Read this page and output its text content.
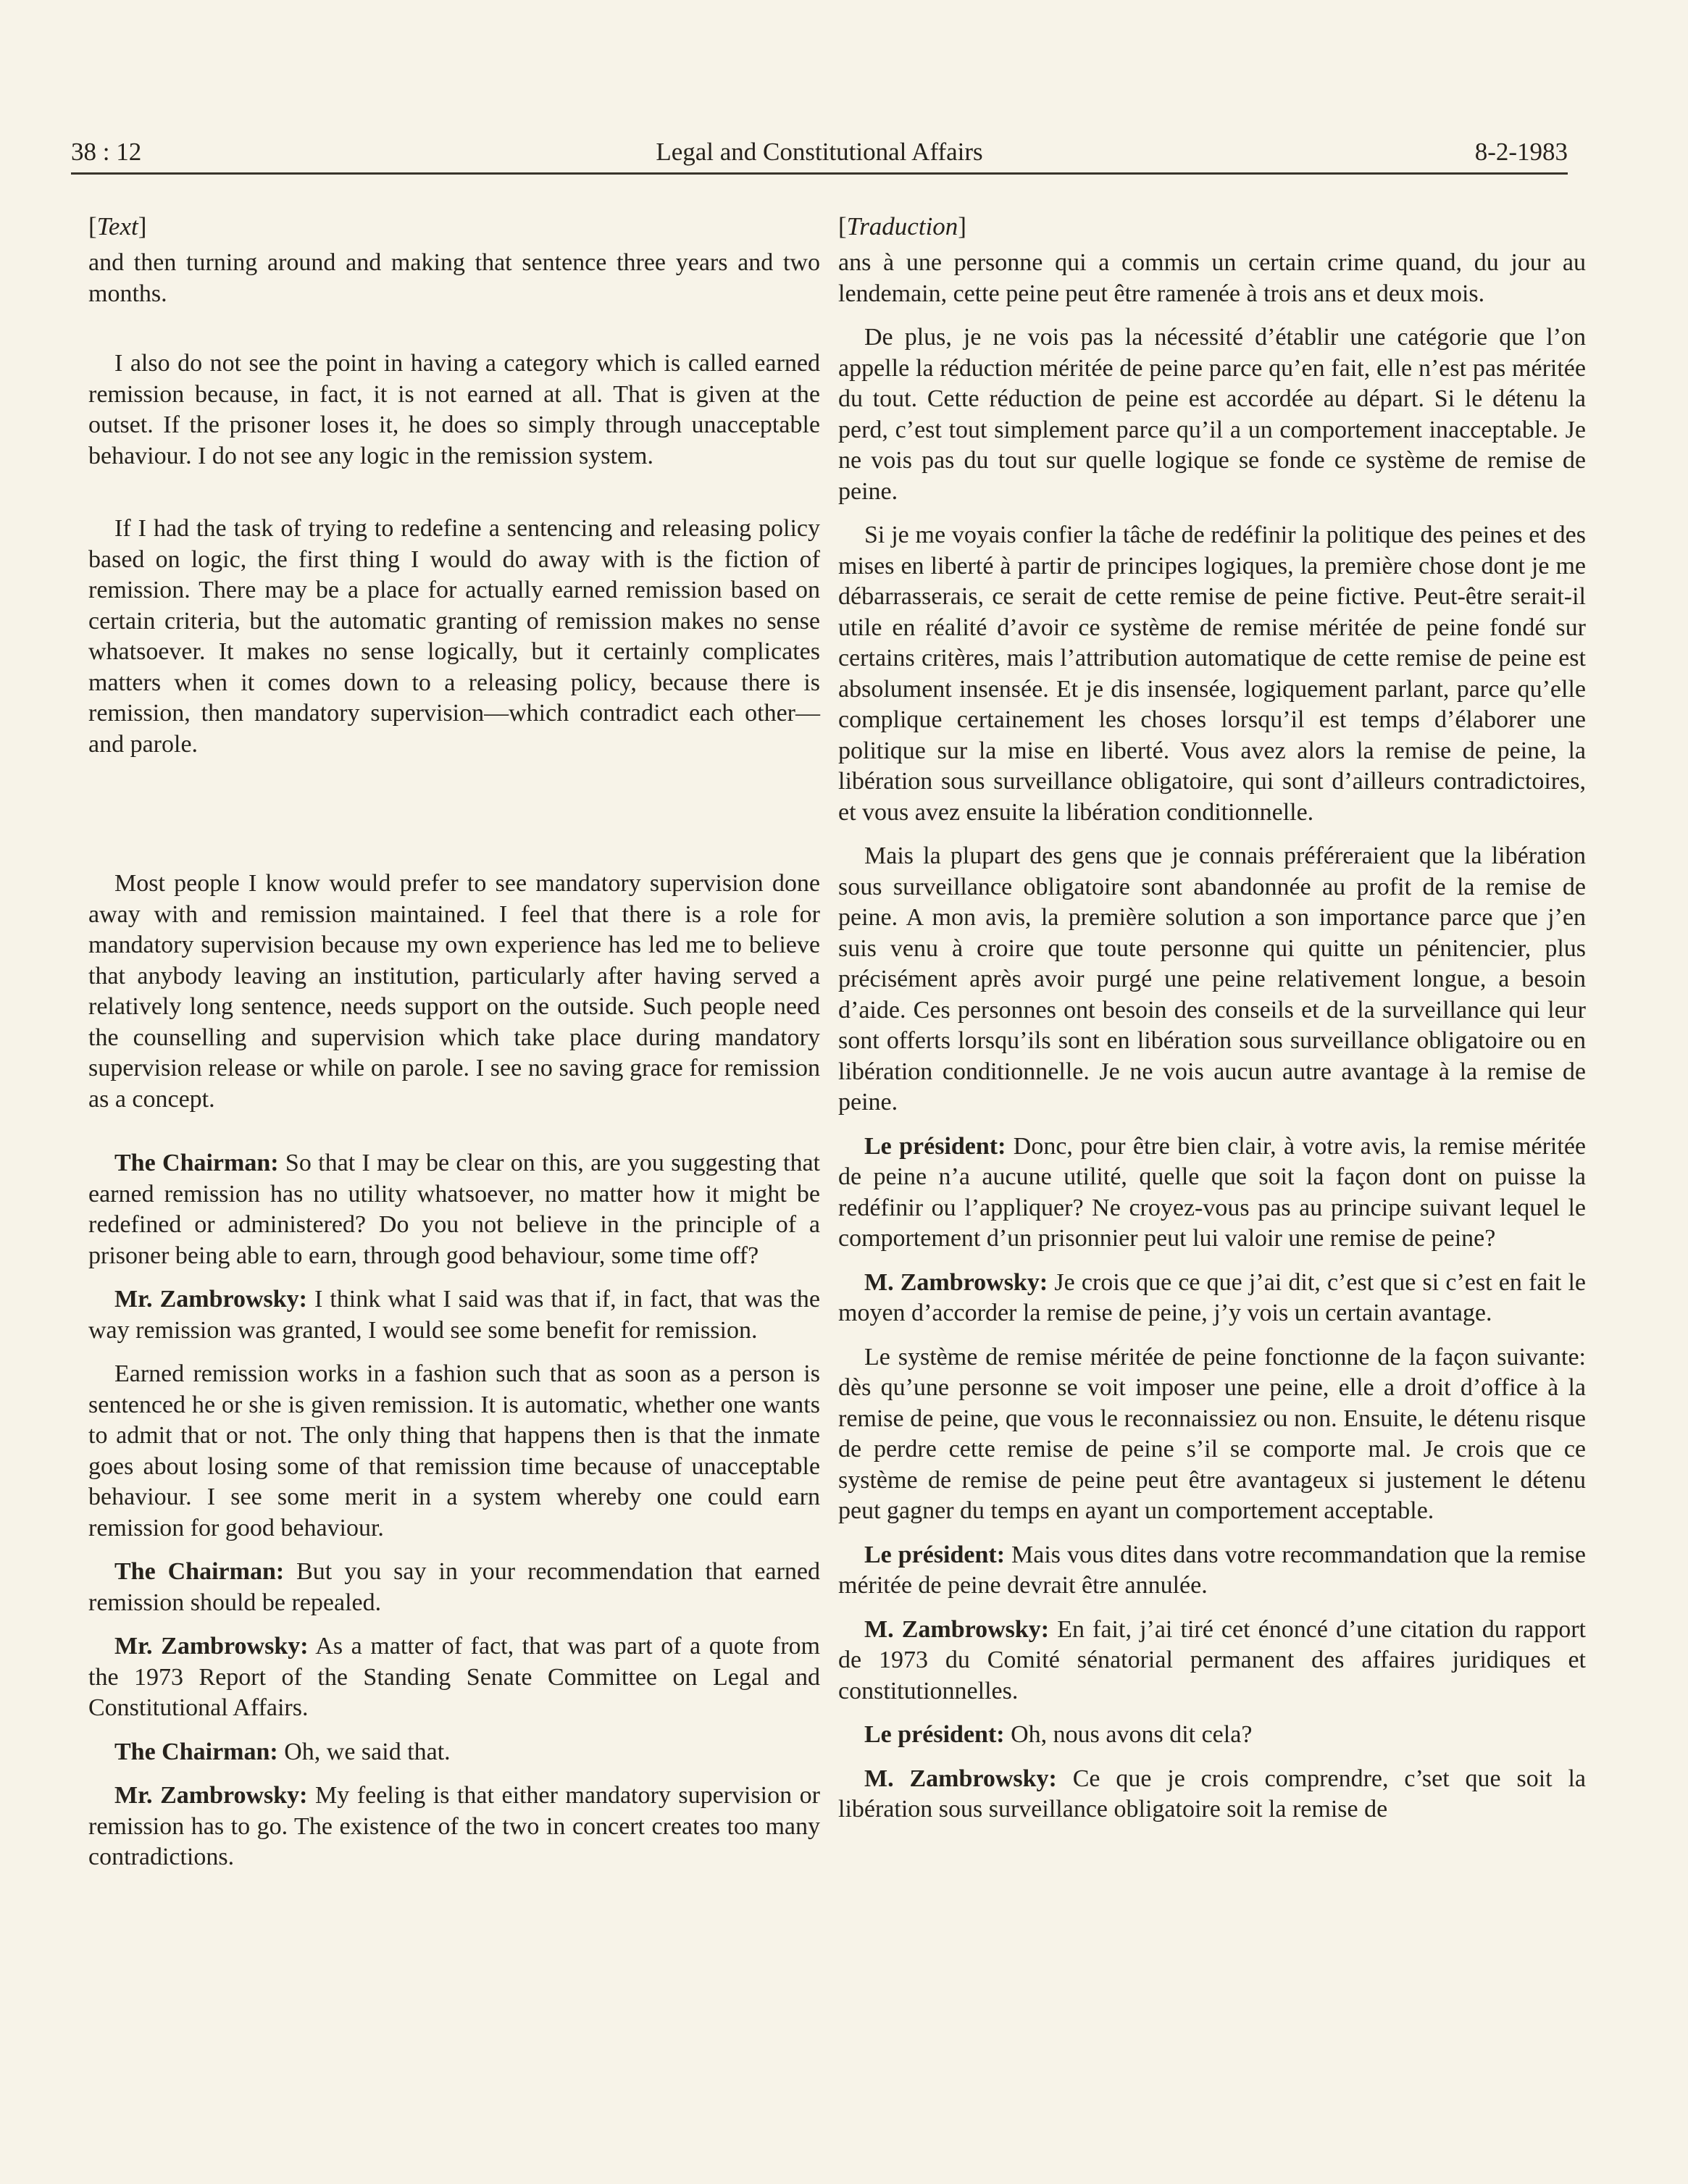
38 : 12	Legal and Constitutional Affairs	8-2-1983
[Text]

and then turning around and making that sentence three years and two months.

I also do not see the point in having a category which is called earned remission because, in fact, it is not earned at all. That is given at the outset. If the prisoner loses it, he does so simply through unacceptable behaviour. I do not see any logic in the remission system.

If I had the task of trying to redefine a sentencing and releasing policy based on logic, the first thing I would do away with is the fiction of remission. There may be a place for actually earned remission based on certain criteria, but the automatic granting of remission makes no sense whatsoever. It makes no sense logically, but it certainly complicates matters when it comes down to a releasing policy, because there is remission, then mandatory supervision—which contradict each other—and parole.

Most people I know would prefer to see mandatory supervision done away with and remission maintained. I feel that there is a role for mandatory supervision because my own experience has led me to believe that anybody leaving an institution, particularly after having served a relatively long sentence, needs support on the outside. Such people need the counselling and supervision which take place during mandatory supervision release or while on parole. I see no saving grace for remission as a concept.

The Chairman: So that I may be clear on this, are you suggesting that earned remission has no utility whatsoever, no matter how it might be redefined or administered? Do you not believe in the principle of a prisoner being able to earn, through good behaviour, some time off?

Mr. Zambrowsky: I think what I said was that if, in fact, that was the way remission was granted, I would see some benefit for remission.

Earned remission works in a fashion such that as soon as a person is sentenced he or she is given remission. It is automatic, whether one wants to admit that or not. The only thing that happens then is that the inmate goes about losing some of that remission time because of unacceptable behaviour. I see some merit in a system whereby one could earn remission for good behaviour.

The Chairman: But you say in your recommendation that earned remission should be repealed.

Mr. Zambrowsky: As a matter of fact, that was part of a quote from the 1973 Report of the Standing Senate Committee on Legal and Constitutional Affairs.

The Chairman: Oh, we said that.

Mr. Zambrowsky: My feeling is that either mandatory supervision or remission has to go. The existence of the two in concert creates too many contradictions.

[Traduction]

ans à une personne qui a commis un certain crime quand, du jour au lendemain, cette peine peut être ramenée à trois ans et deux mois.

De plus, je ne vois pas la nécessité d’établir une catégorie que l’on appelle la réduction méritée de peine parce qu’en fait, elle n’est pas méritée du tout. Cette réduction de peine est accordée au départ. Si le détenu la perd, c’est tout simplement parce qu’il a un comportement inacceptable. Je ne vois pas du tout sur quelle logique se fonde ce système de remise de peine.

Si je me voyais confier la tâche de redéfinir la politique des peines et des mises en liberté à partir de principes logiques, la première chose dont je me débarrasserais, ce serait de cette remise de peine fictive. Peut-être serait-il utile en réalité d’avoir ce système de remise méritée de peine fondé sur certains critères, mais l’attribution automatique de cette remise de peine est absolument insensée. Et je dis insensée, logiquement parlant, parce qu’elle complique certainement les choses lorsqu’il est temps d’élaborer une politique sur la mise en liberté. Vous avez alors la remise de peine, la libération sous surveillance obligatoire, qui sont d’ailleurs contradictoires, et vous avez ensuite la libération conditionnelle.

Mais la plupart des gens que je connais préféreraient que la libération sous surveillance obligatoire sont abandonnée au profit de la remise de peine. A mon avis, la première solution a son importance parce que j’en suis venu à croire que toute personne qui quitte un pénitencier, plus précisément après avoir purgé une peine relativement longue, a besoin d’aide. Ces personnes ont besoin des conseils et de la surveillance qui leur sont offerts lorsqu’ils sont en libération sous surveillance obligatoire ou en libération conditionnelle. Je ne vois aucun autre avantage à la remise de peine.

Le président: Donc, pour être bien clair, à votre avis, la remise méritée de peine n’a aucune utilité, quelle que soit la façon dont on puisse la redéfinir ou l’appliquer? Ne croyez-vous pas au principe suivant lequel le comportement d’un prisonnier peut lui valoir une remise de peine?

M. Zambrowsky: Je crois que ce que j’ai dit, c’est que si c’est en fait le moyen d’accorder la remise de peine, j’y vois un certain avantage.

Le système de remise méritée de peine fonctionne de la façon suivante: dès qu’une personne se voit imposer une peine, elle a droit d’office à la remise de peine, que vous le reconnaissiez ou non. Ensuite, le détenu risque de perdre cette remise de peine s’il se comporte mal. Je crois que ce système de remise de peine peut être avantageux si justement le détenu peut gagner du temps en ayant un comportement acceptable.

Le président: Mais vous dites dans votre recommandation que la remise méritée de peine devrait être annulée.

M. Zambrowsky: En fait, j’ai tiré cet énoncé d’une citation du rapport de 1973 du Comité sénatorial permanent des affaires juridiques et constitutionnelles.

Le président: Oh, nous avons dit cela?

M. Zambrowsky: Ce que je crois comprendre, c’set que soit la libération sous surveillance obligatoire soit la remise de
